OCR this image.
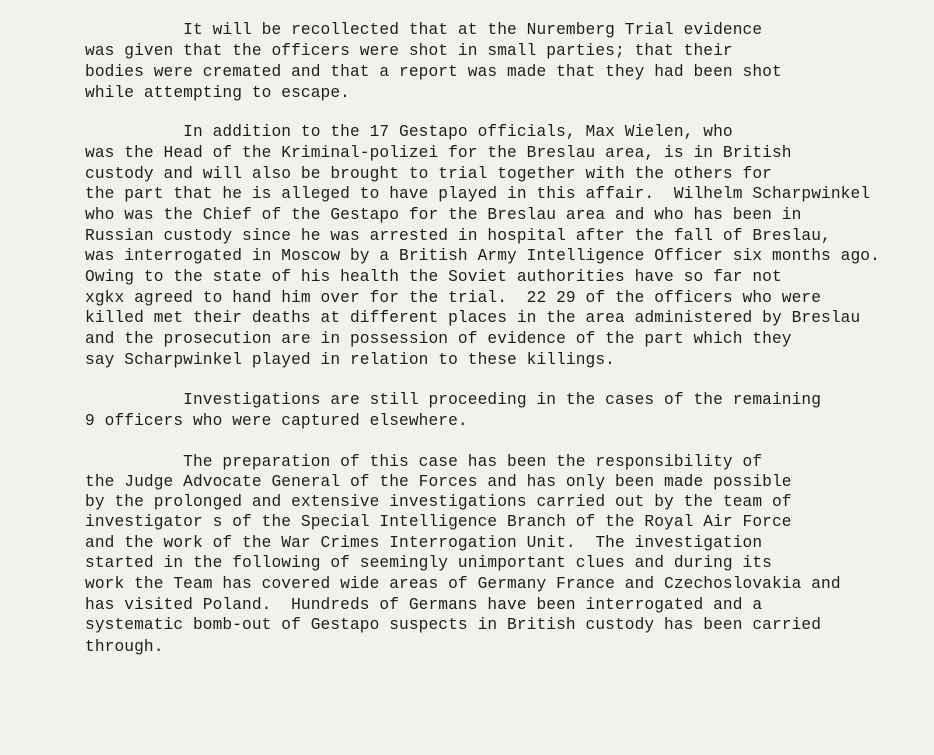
It will be recollected that at the Nuremberg Trial evidence
was given that the officers were shot in small parties; that their
bodies were cremated and that a report was made that they had been shot
while attempting to escape.
In addition to the 17 Gestapo officials, Max Wielen, who
was the Head of the Kriminal-polizei for the Breslau area, is in British
custody and will also be brought to trial together with the others for
the part that he is alleged to have played in this affair.  Wilhelm Scharpwinkel
who was the Chief of the Gestapo for the Breslau area and who has been in
Russian custody since he was arrested in hospital after the fall of Breslau,
was interrogated in Moscow by a British Army Intelligence Officer six months ago.
Owing to the state of his health the Soviet authorities have so far not
xgkx agreed to hand him over for the trial.  22 29 of the officers who were
killed met their deaths at different places in the area administered by Breslau
and the prosecution are in possession of evidence of the part which they
say Scharpwinkel played in relation to these killings.
Investigations are still proceeding in the cases of the remaining
9 officers who were captured elsewhere.
The preparation of this case has been the responsibility of
the Judge Advocate General of the Forces and has only been made possible
by the prolonged and extensive investigations carried out by the team of
investigator s of the Special Intelligence Branch of the Royal Air Force
and the work of the War Crimes Interrogation Unit.  The investigation
started in the following of seemingly unimportant clues and during its
work the Team has covered wide areas of Germany France and Czechoslovakia and
has visited Poland.  Hundreds of Germans have been interrogated and a
systematic bomb-out of Gestapo suspects in British custody has been carried
through.
